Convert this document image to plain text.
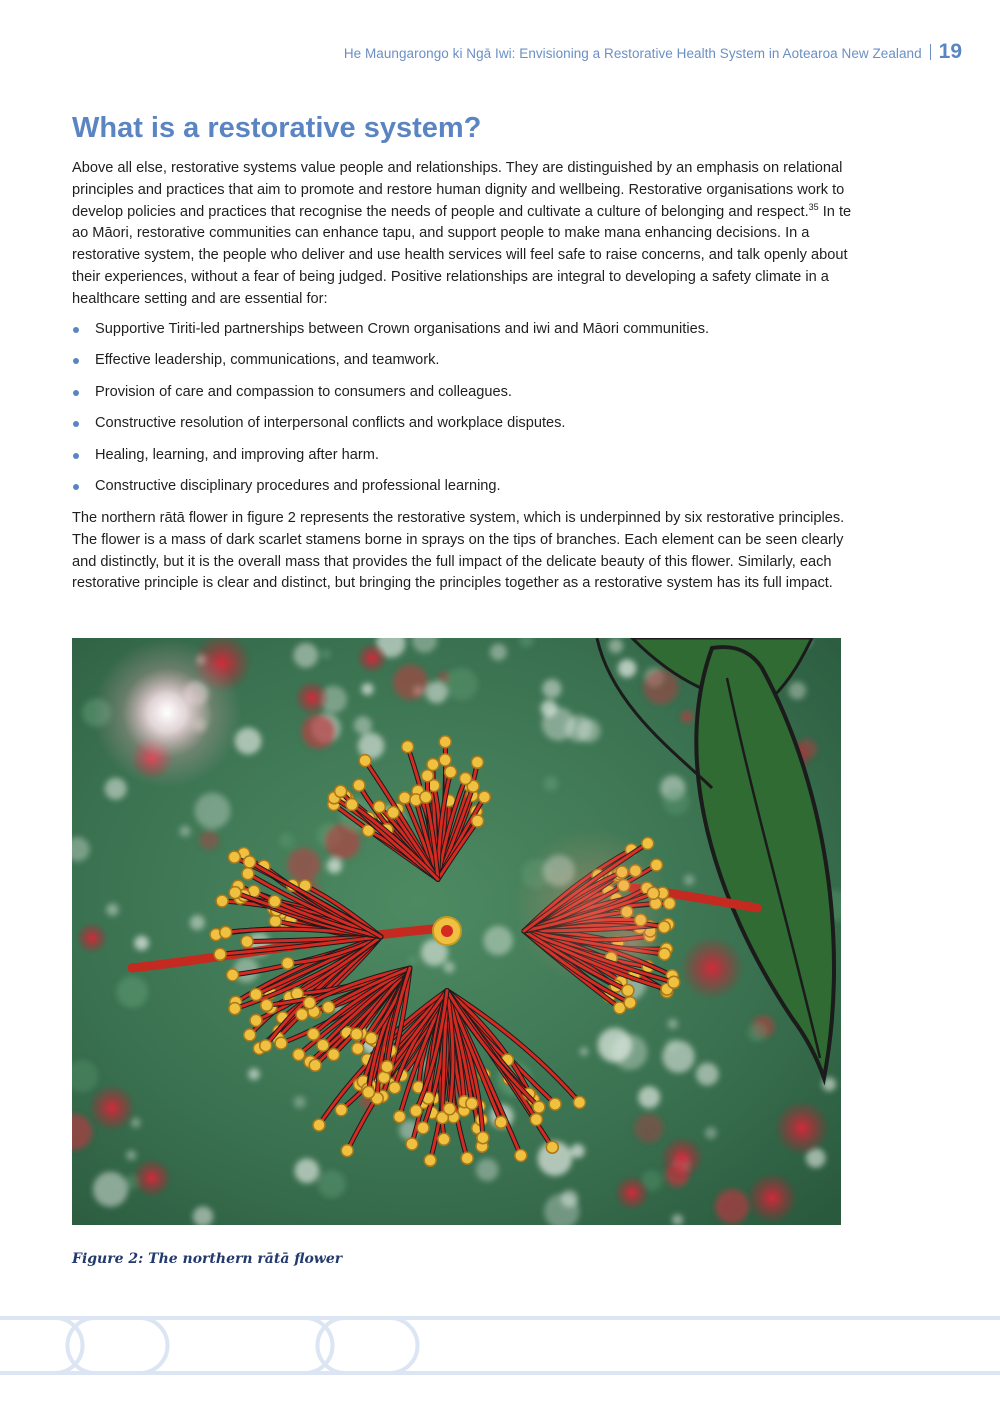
He Maungarongo ki Ngā Iwi: Envisioning a Restorative Health System in Aotearoa New Zealand 19
What is a restorative system?

Above all else, restorative systems value people and relationships. They are distinguished by an emphasis on relational principles and practices that aim to promote and restore human dignity and wellbeing. Restorative organisations work to develop policies and practices that recognise the needs of people and cultivate a culture of belonging and respect.$^{35}$ In te ao Māori, restorative communities can enhance tapu, and support people to make mana enhancing decisions. In a restorative system, the people who deliver and use health services will feel safe to raise concerns, and talk openly about their experiences, without a fear of being judged. Positive relationships are integral to developing a safety climate in a healthcare setting and are essential for:

Supportive Tiriti-led partnerships between Crown organisations and iwi and Māori communities.
Effective leadership, communications, and teamwork.
Provision of care and compassion to consumers and colleagues.
Constructive resolution of interpersonal conflicts and workplace disputes.
Healing, learning, and improving after harm.
Constructive disciplinary procedures and professional learning.

The northern rātā flower in figure 2 represents the restorative system, which is underpinned by six restorative principles. The flower is a mass of dark scarlet stamens borne in sprays on the tips of branches. Each element can be seen clearly and distinctly, but it is the overall mass that provides the full impact of the delicate beauty of this flower. Similarly, each restorative principle is clear and distinct, but bringing the principles together as a restorative system has its full impact.

Figure 2: The northern rātā flower
